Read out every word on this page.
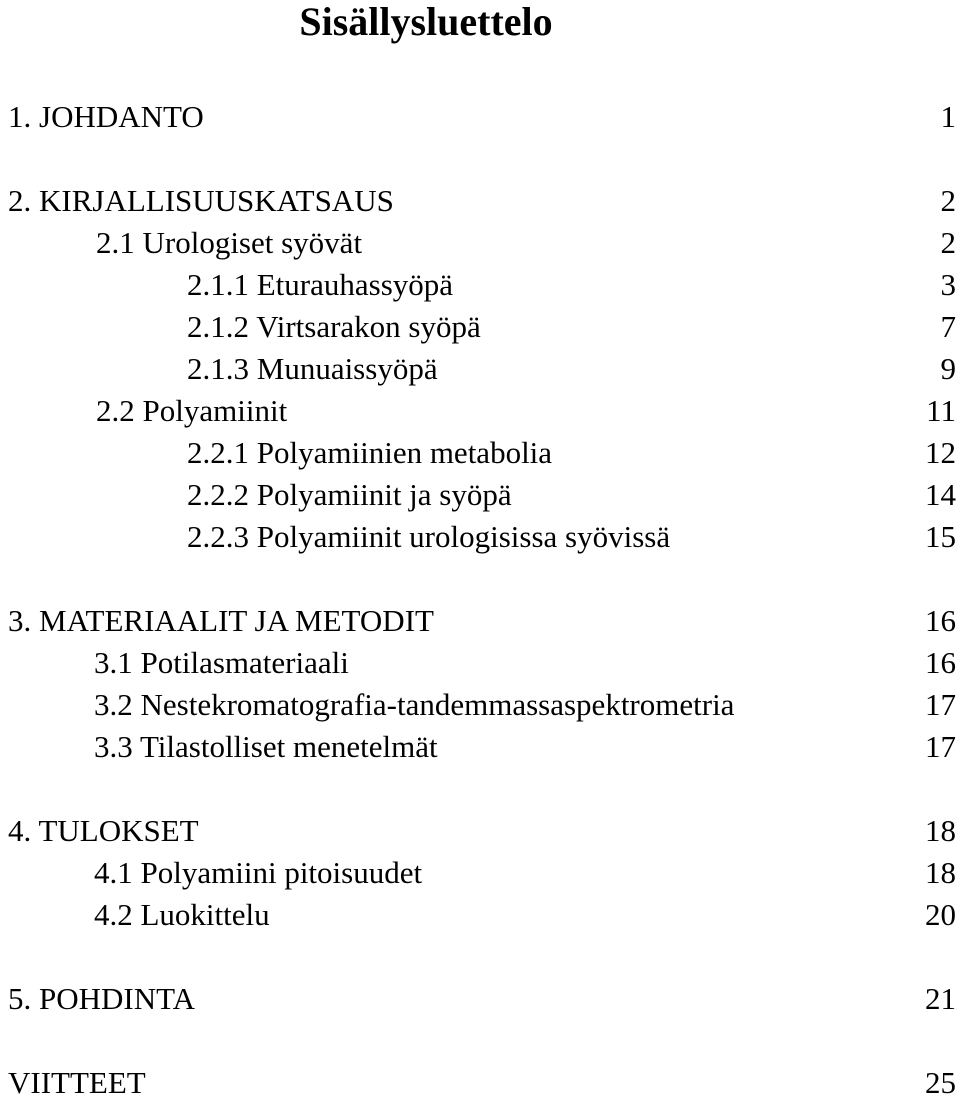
Sisällysluettelo
1. JOHDANTO	1
2. KIRJALLISUUSKATSAUS	2
2.1 Urologiset syövät	2
2.1.1 Eturauhassyöpä	3
2.1.2 Virtsarakon syöpä	7
2.1.3 Munuaissyöpä	9
2.2 Polyamiinit	11
2.2.1 Polyamiinien metabolia	12
2.2.2 Polyamiinit ja syöpä	14
2.2.3 Polyamiinit urologisissa syövissä	15
3. MATERIAALIT JA METODIT	16
3.1 Potilasmateriaali	16
3.2 Nestekromatografia-tandemmassaspektrometria	17
3.3 Tilastolliset menetelmät	17
4. TULOKSET	18
4.1 Polyamiini pitoisuudet	18
4.2 Luokittelu	20
5. POHDINTA	21
VIITTEET	25
